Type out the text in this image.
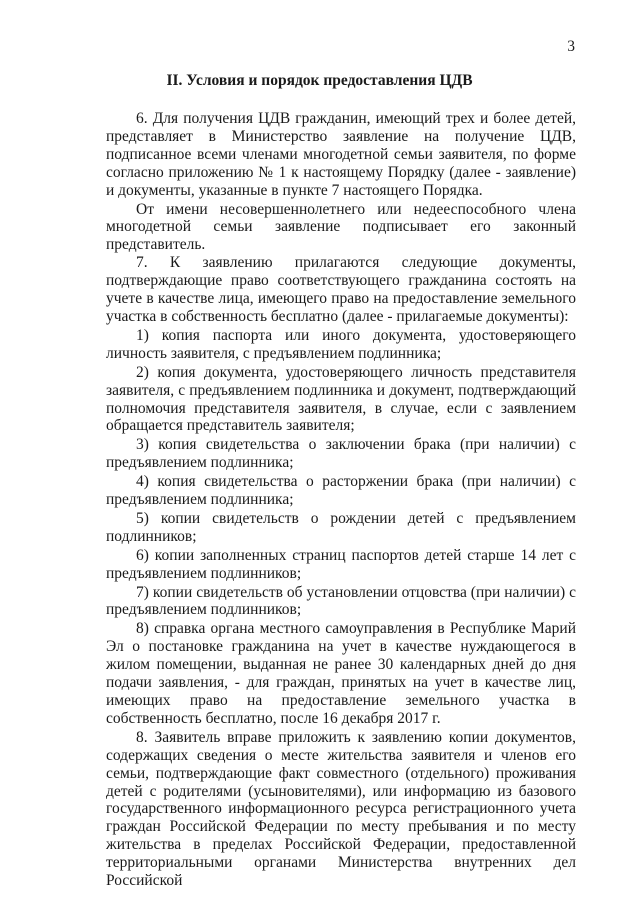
3
II. Условия и порядок предоставления ЦДВ

6. Для получения ЦДВ гражданин, имеющий трех и более детей, представляет в Министерство заявление на получение ЦДВ, подписанное всеми членами многодетной семьи заявителя, по форме согласно приложению № 1 к настоящему Порядку (далее - заявление) и документы, указанные в пункте 7 настоящего Порядка.

От имени несовершеннолетнего или недееспособного члена многодетной семьи заявление подписывает его законный представитель.

7. К заявлению прилагаются следующие документы, подтверждающие право соответствующего гражданина состоять на учете в качестве лица, имеющего право на предоставление земельного участка в собственность бесплатно (далее - прилагаемые документы):

1) копия паспорта или иного документа, удостоверяющего личность заявителя, с предъявлением подлинника;

2) копия документа, удостоверяющего личность представителя заявителя, с предъявлением подлинника и документ, подтверждающий полномочия представителя заявителя, в случае, если с заявлением обращается представитель заявителя;

3) копия свидетельства о заключении брака (при наличии) с предъявлением подлинника;

4) копия свидетельства о расторжении брака (при наличии) с предъявлением подлинника;

5) копии свидетельств о рождении детей с предъявлением подлинников;

6) копии заполненных страниц паспортов детей старше 14 лет с предъявлением подлинников;

7) копии свидетельств об установлении отцовства (при наличии) с предъявлением подлинников;

8) справка органа местного самоуправления в Республике Марий Эл о постановке гражданина на учет в качестве нуждающегося в жилом помещении, выданная не ранее 30 календарных дней до дня подачи заявления, - для граждан, принятых на учет в качестве лиц, имеющих право на предоставление земельного участка в собственность бесплатно, после 16 декабря 2017 г.

8. Заявитель вправе приложить к заявлению копии документов, содержащих сведения о месте жительства заявителя и членов его семьи, подтверждающие факт совместного (отдельного) проживания детей с родителями (усыновителями), или информацию из базового государственного информационного ресурса регистрационного учета граждан Российской Федерации по месту пребывания и по месту жительства в пределах Российской Федерации, предоставленной территориальными органами Министерства внутренних дел Российской
